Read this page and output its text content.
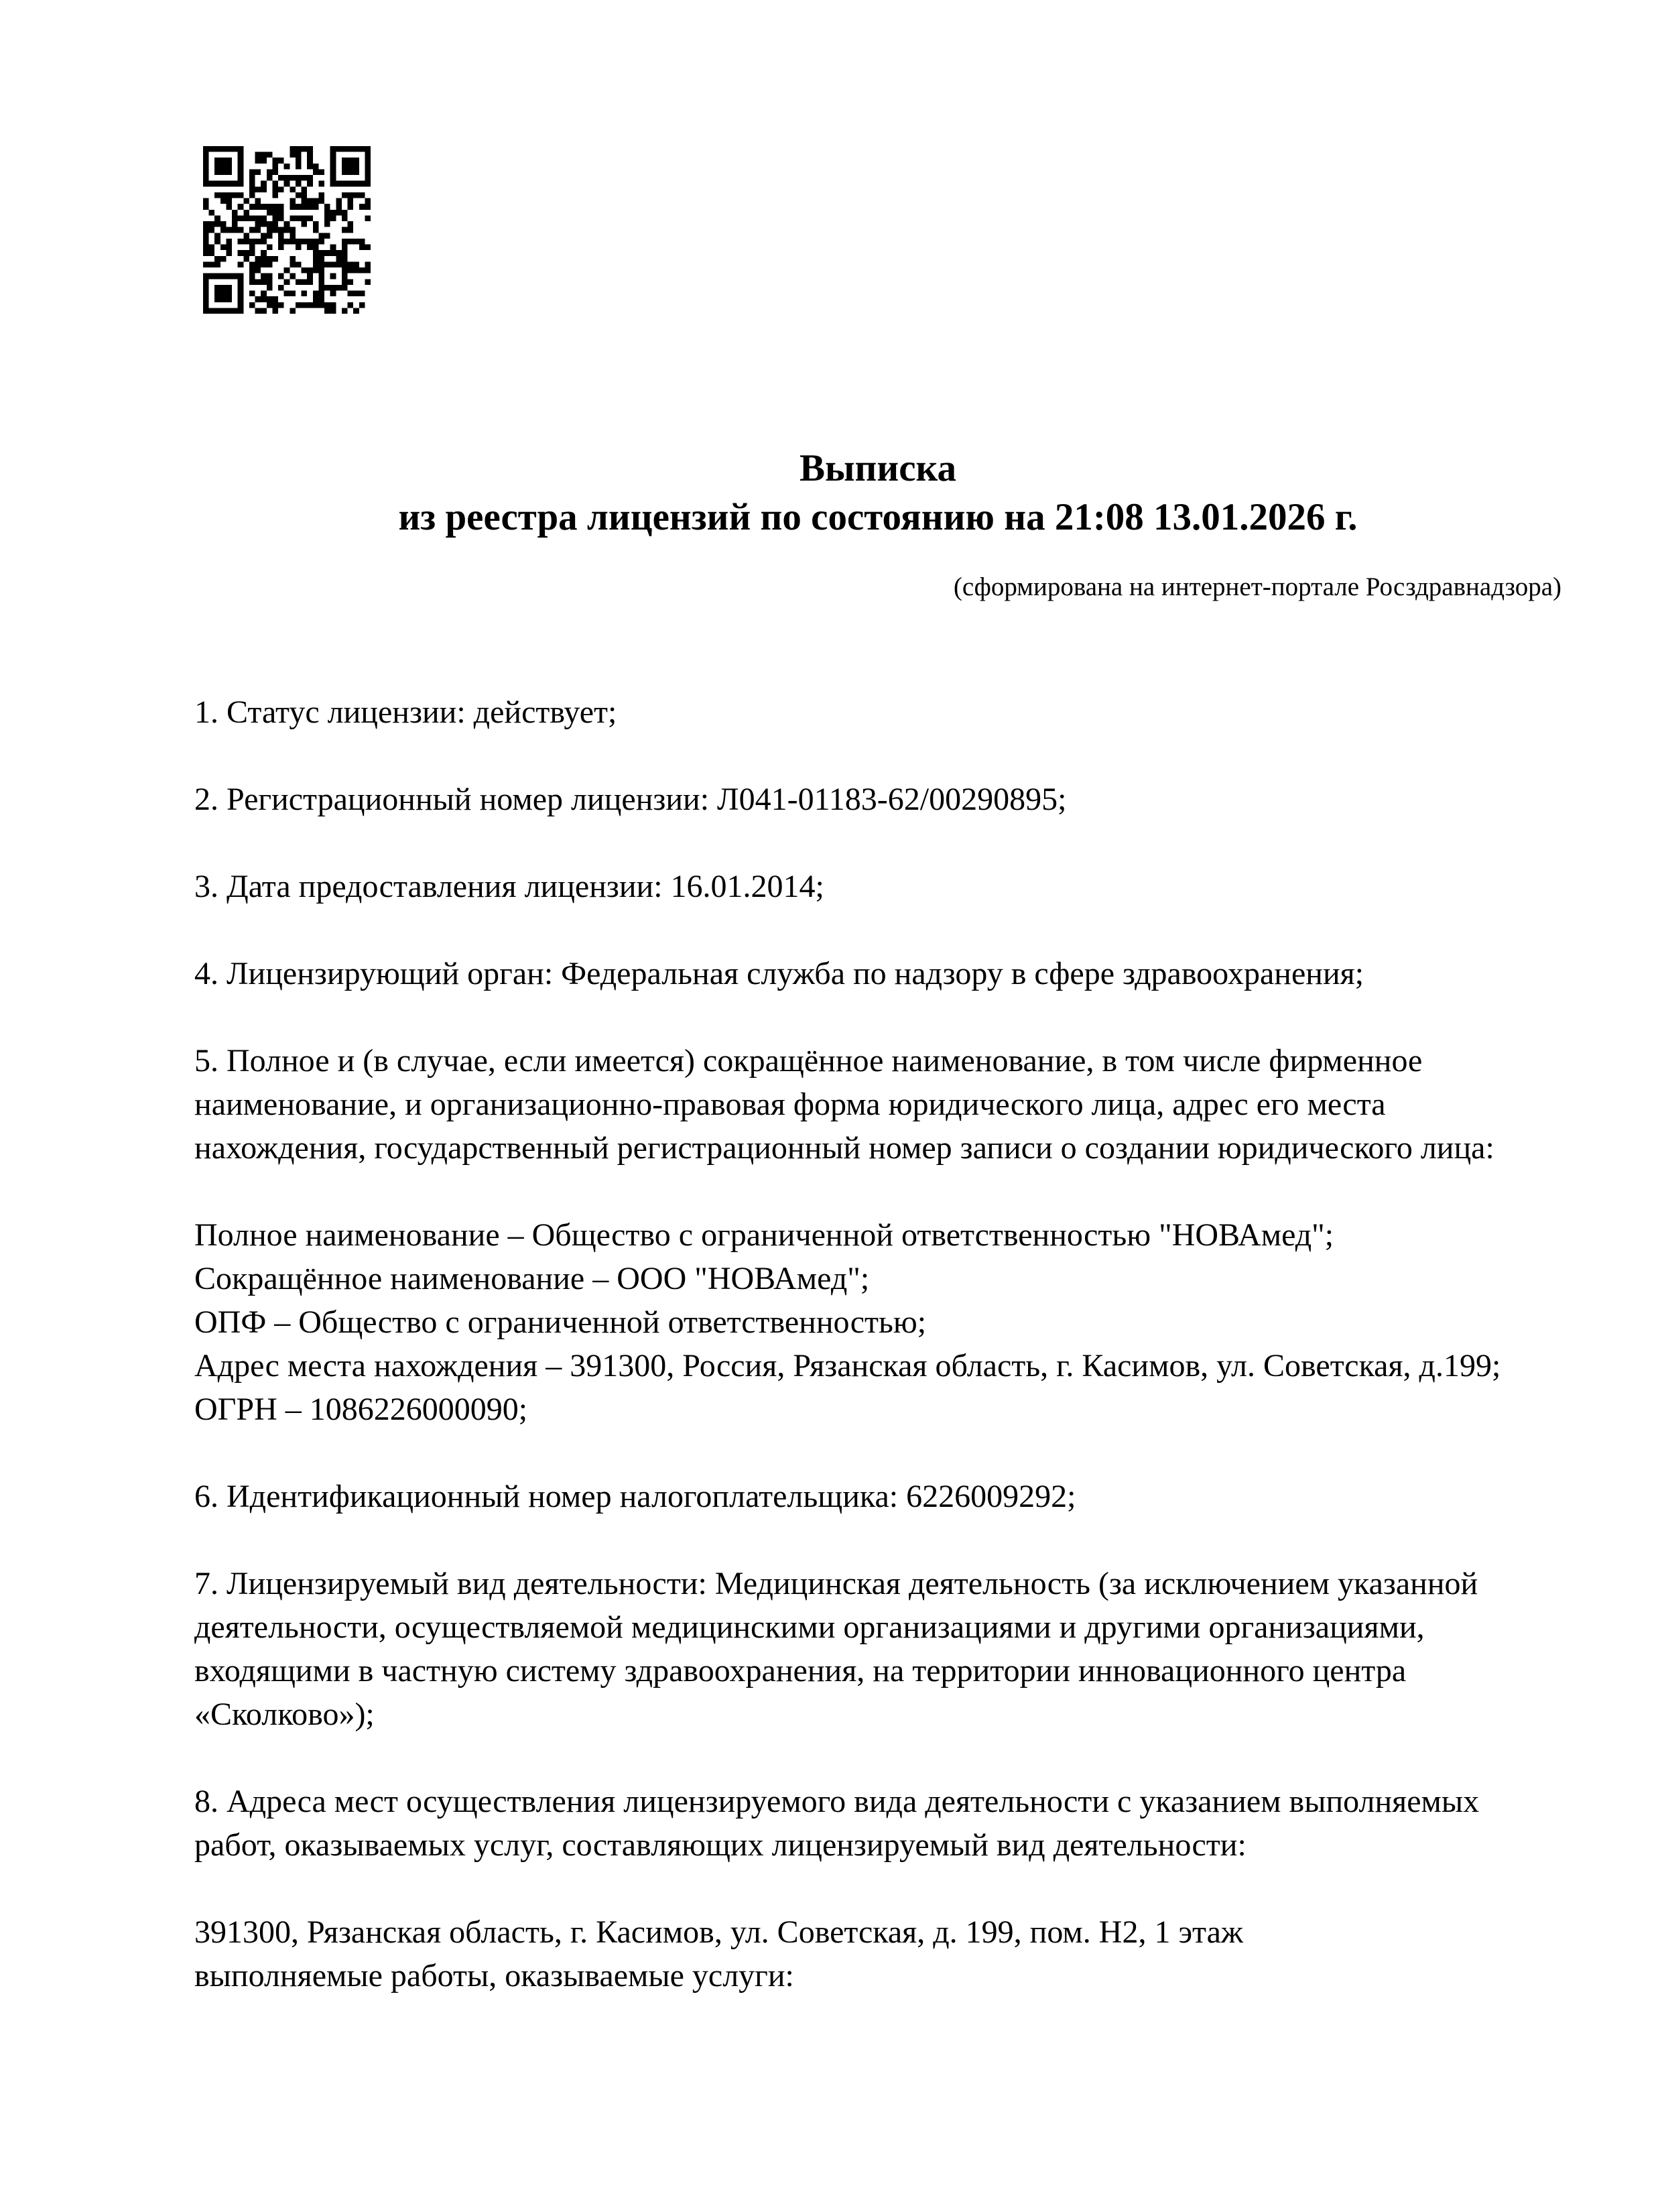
Выписка
из реестра лицензий по состоянию на 21:08 13.01.2026 г.
(сформирована на интернет-портале Росздравнадзора)

1. Статус лицензии: действует;

2. Регистрационный номер лицензии: Л041-01183-62/00290895;

3. Дата предоставления лицензии: 16.01.2014;

4. Лицензирующий орган: Федеральная служба по надзору в сфере здравоохранения;

5. Полное и (в случае, если имеется) сокращённое наименование, в том числе фирменное наименование, и организационно-правовая форма юридического лица, адрес его места нахождения, государственный регистрационный номер записи о создании юридического лица:

Полное наименование – Общество с ограниченной ответственностью "НОВАмед";
Сокращённое наименование – ООО "НОВАмед";
ОПФ – Общество с ограниченной ответственностью;
Адрес места нахождения – 391300, Россия, Рязанская область, г. Касимов, ул. Советская, д.199;
ОГРН – 1086226000090;

6. Идентификационный номер налогоплательщика: 6226009292;

7. Лицензируемый вид деятельности: Медицинская деятельность (за исключением указанной деятельности, осуществляемой медицинскими организациями и другими организациями, входящими в частную систему здравоохранения, на территории инновационного центра «Сколково»);

8. Адреса мест осуществления лицензируемого вида деятельности с указанием выполняемых работ, оказываемых услуг, составляющих лицензируемый вид деятельности:

391300, Рязанская область, г. Касимов, ул. Советская, д. 199, пом. Н2, 1 этаж
выполняемые работы, оказываемые услуги:
